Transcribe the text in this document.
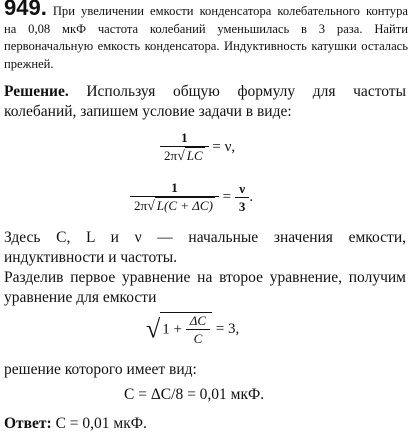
949. При увеличении емкости конденсатора колебательного контура на 0,08 мкФ частота колебаний уменьшилась в 3 раза. Найти первоначальную емкость конденсатора. Индуктивность катушки осталась прежней.
Решение. Используя общую формулу для частоты колебаний, запишем условие задачи в виде:
$\frac{1}{2\pi√ LC} = \nu$,
$\frac{1}{2\pi√ L(C + \Delta C)} = \frac{\nu}{3}$ .
Здесь C, L и ν — начальные значения емкости, индуктивности и частоты.
Разделив первое уравнение на второе уравнение, получим уравнение для емкости
√ $1 + \frac{\Delta C}{C} = 3$,
решение которого имеет вид:
C = ΔC/8 = 0,01 мкФ.
Ответ: C = 0,01 мкФ.
